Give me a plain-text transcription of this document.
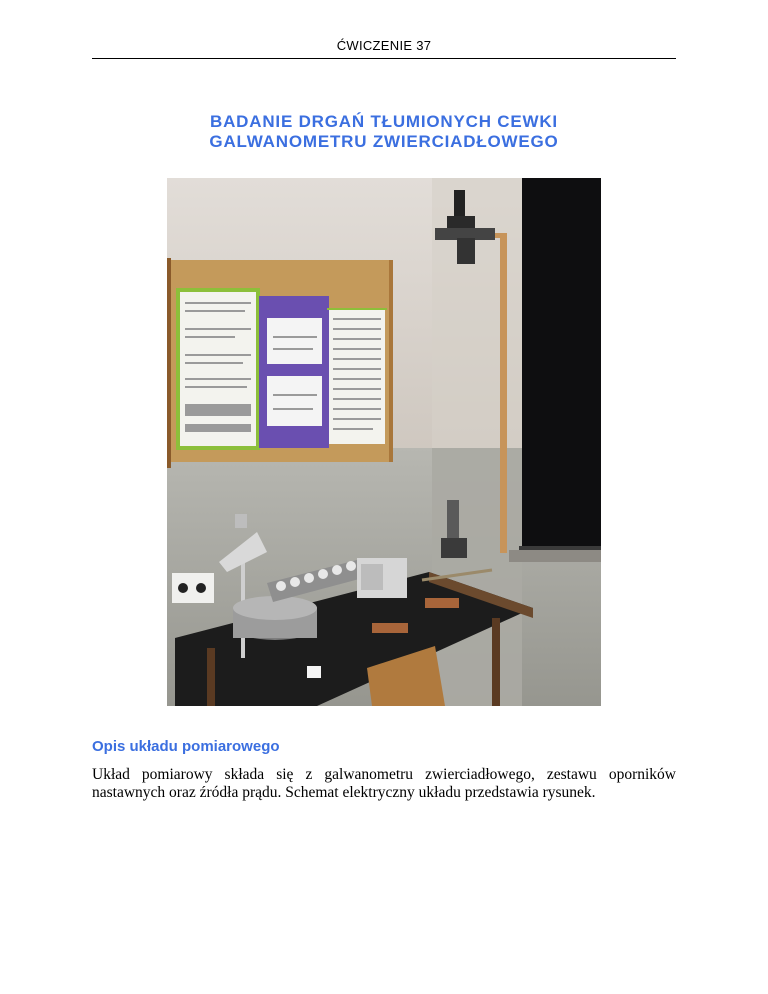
ĆWICZENIE 37
BADANIE DRGAŃ TŁUMIONYCH CEWKI
GALWANOMETRU ZWIERCIADŁOWEGO
Opis układu pomiarowego
Układ pomiarowy składa się z galwanometru zwierciadłowego, zestawu oporników
nastawnych oraz źródła prądu. Schemat elektryczny układu przedstawia rysunek.
